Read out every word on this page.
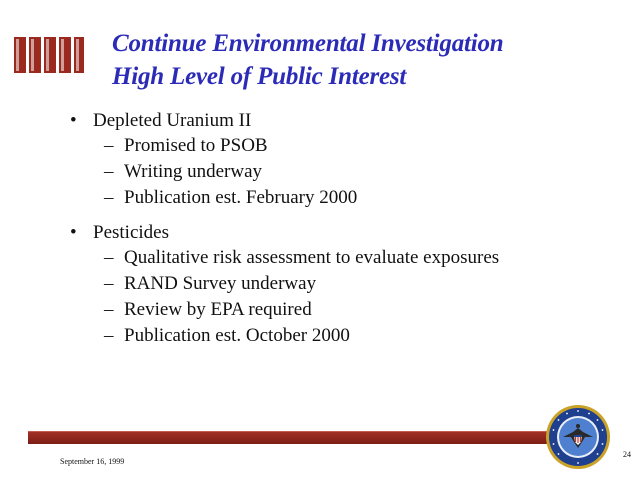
Continue Environmental Investigation
High Level of Public Interest
• Depleted Uranium II
– Promised to PSOB
– Writing underway
– Publication est. February 2000
• Pesticides
– Qualitative risk assessment to evaluate exposures
– RAND Survey underway
– Review by EPA required
– Publication est. October 2000
September 16, 1999
24
